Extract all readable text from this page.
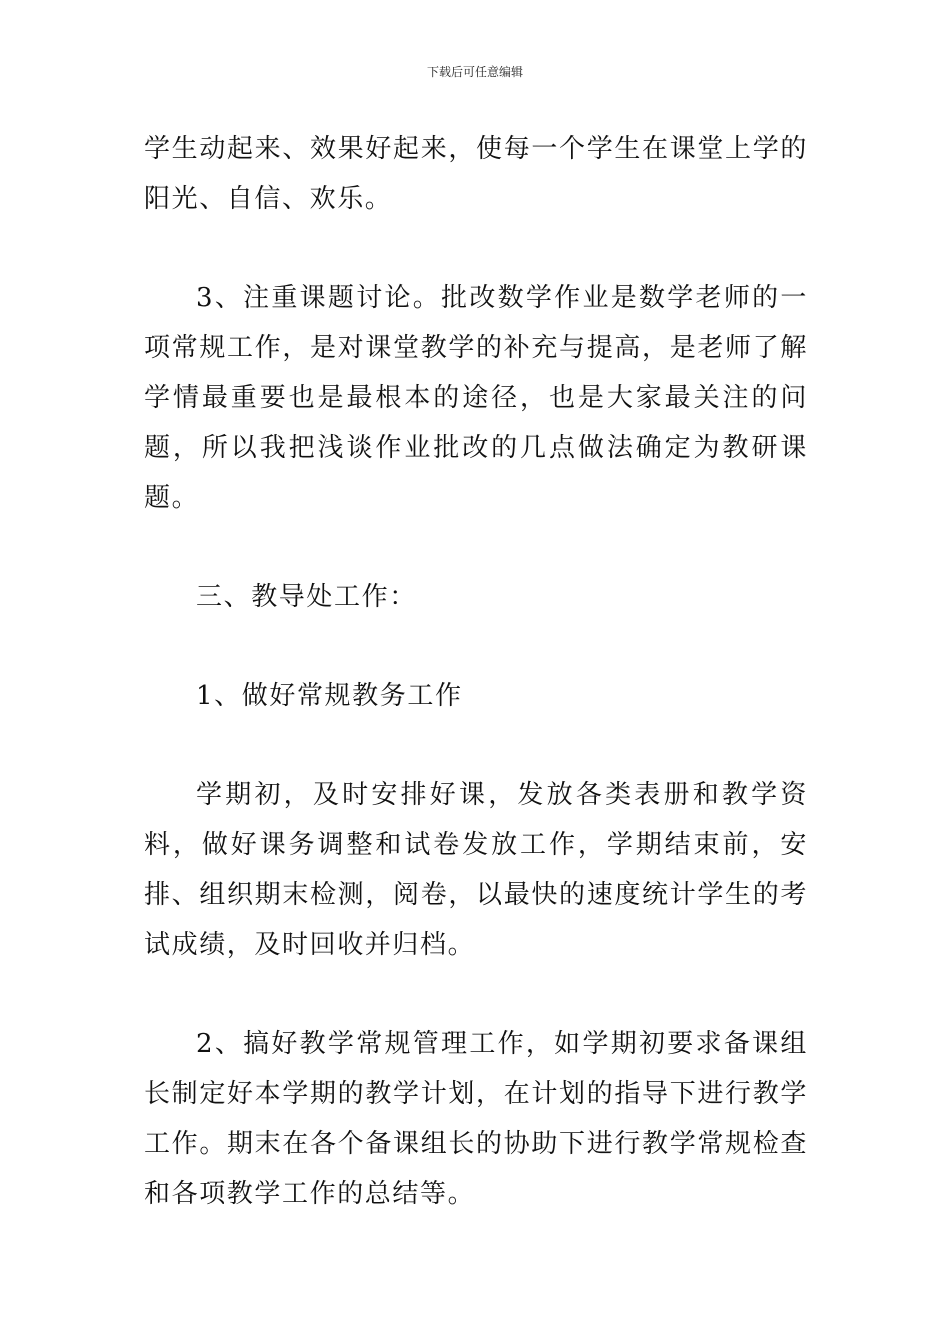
下载后可任意编辑

学生动起来、效果好起来，使每一个学生在课堂上学的阳光、自信、欢乐。

3、注重课题讨论。批改数学作业是数学老师的一项常规工作，是对课堂教学的补充与提高，是老师了解学情最重要也是最根本的途径，也是大家最关注的问题，所以我把浅谈作业批改的几点做法确定为教研课题。

三、教导处工作：

1、做好常规教务工作

学期初，及时安排好课，发放各类表册和教学资料，做好课务调整和试卷发放工作，学期结束前，安排、组织期末检测，阅卷，以最快的速度统计学生的考试成绩，及时回收并归档。

2、搞好教学常规管理工作，如学期初要求备课组长制定好本学期的教学计划，在计划的指导下进行教学工作。期末在各个备课组长的协助下进行教学常规检查和各项教学工作的总结等。
